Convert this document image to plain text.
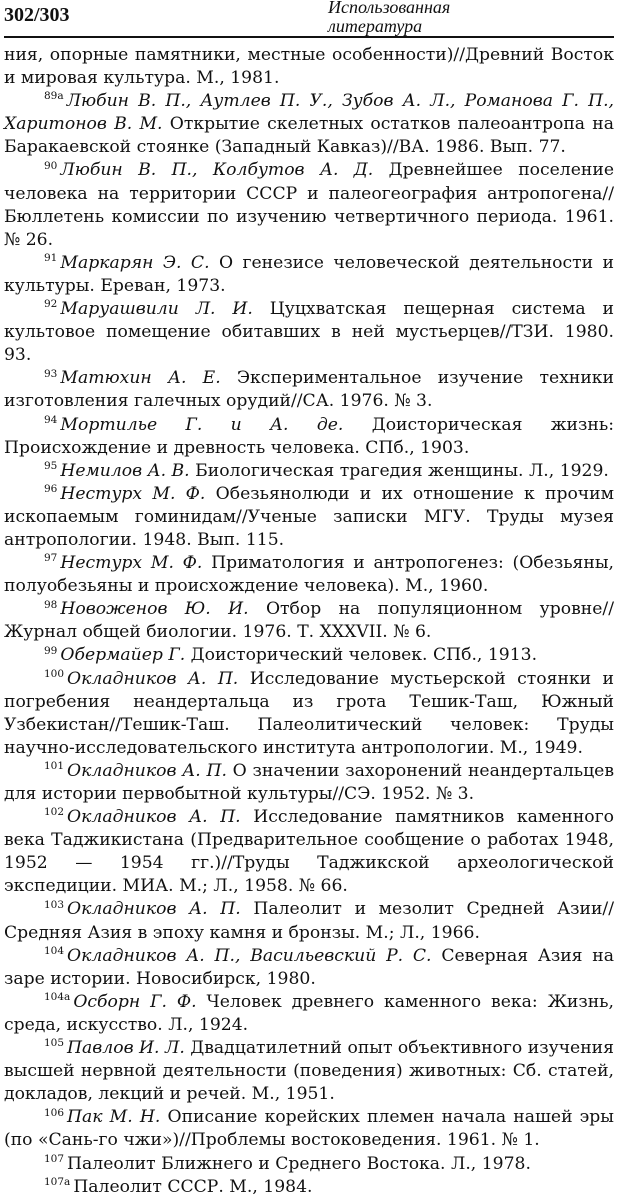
302/303	Использованная
литература

ния, опорные памятники, местные особенности)//Древний Восток и мировая культура. М., 1981.

$^{89а}$ Любин В. П., Аутлев П. У., Зубов А. Л., Романова Г. П., Харитонов В. М. Открытие скелетных остатков палеоантропа на Баракаевской стоянке (Западный Кавказ)//ВА. 1986. Вып. 77.

$^{90}$ Любин В. П., Колбутов А. Д. Древнейшее поселение человека на территории СССР и палеогеография антропогена//Бюллетень комиссии по изучению четвертичного периода. 1961. № 26.

$^{91}$ Маркарян Э. С. О генезисе человеческой деятельности и культуры. Ереван, 1973.

$^{92}$ Маруашвили Л. И. Цуцхватская пещерная система и культовое помещение обитавших в ней мустьерцев//ТЗИ. 1980. 93.

$^{93}$ Матюхин А. Е. Экспериментальное изучение техники изготовления галечных орудий//СА. 1976. № 3.

$^{94}$ Мортилье Г. и А. де. Доисторическая жизнь: Происхождение и древность человека. СПб., 1903.

$^{95}$ Немилов А. В. Биологическая трагедия женщины. Л., 1929.

$^{96}$ Нестурх М. Ф. Обезьянолюди и их отношение к прочим ископаемым гоминидам//Ученые записки МГУ. Труды музея антропологии. 1948. Вып. 115.

$^{97}$ Нестурх М. Ф. Приматология и антропогенез: (Обезьяны, полуобезьяны и происхождение человека). М., 1960.

$^{98}$ Новоженов Ю. И. Отбор на популяционном уровне//Журнал общей биологии. 1976. Т. XXXVII. № 6.

$^{99}$ Обермайер Г. Доисторический человек. СПб., 1913.

$^{100}$ Окладников А. П. Исследование мустьерской стоянки и погребения неандертальца из грота Тешик-Таш, Южный Узбекистан//Тешик-Таш. Палеолитический человек: Труды научно-исследовательского института антропологии. М., 1949.

$^{101}$ Окладников А. П. О значении захоронений неандертальцев для истории первобытной культуры//СЭ. 1952. № 3.

$^{102}$ Окладников А. П. Исследование памятников каменного века Таджикистана (Предварительное сообщение о работах 1948, 1952 — 1954 гг.)//Труды Таджикской археологической экспедиции. МИА. М.; Л., 1958. № 66.

$^{103}$ Окладников А. П. Палеолит и мезолит Средней Азии//Средняя Азия в эпоху камня и бронзы. М.; Л., 1966.

$^{104}$ Окладников А. П., Васильевский Р. С. Северная Азия на заре истории. Новосибирск, 1980.

$^{104а}$ Осборн Г. Ф. Человек древнего каменного века: Жизнь, среда, искусство. Л., 1924.

$^{105}$ Павлов И. Л. Двадцатилетний опыт объективного изучения высшей нервной деятельности (поведения) животных: Сб. статей, докладов, лекций и речей. М., 1951.

$^{106}$ Пак М. Н. Описание корейских племен начала нашей эры (по «Сань-го чжи»)//Проблемы востоковедения. 1961. № 1.

$^{107}$ Палеолит Ближнего и Среднего Востока. Л., 1978.

$^{107а}$ Палеолит СССР. М., 1984.
